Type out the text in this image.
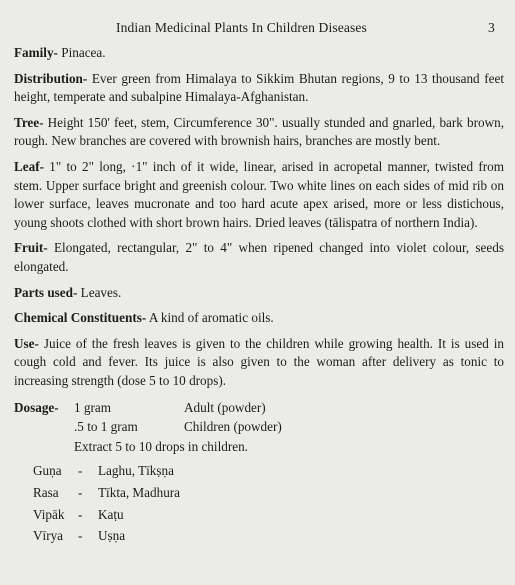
Indian Medicinal Plants In Children Diseases	3

Family- Pinacea.

Distribution- Ever green from Himalaya to Sikkim Bhutan regions, 9 to 13 thousand feet height, temperate and subalpine Himalaya-Afghanistan.

Tree- Height 150' feet, stem, Circumference 30". usually stunded and gnarled, bark brown, rough. New branches are covered with brownish hairs, branches are mostly bent.

Leaf- 1" to 2" long, ·1" inch of it wide, linear, arised in acropetal manner, twisted from stem. Upper surface bright and greenish colour. Two white lines on each sides of mid rib on lower surface, leaves mucronate and too hard acute apex arised, more or less distichous, young shoots clothed with short brown hairs. Dried leaves (tālispatra of northern India).

Fruit- Elongated, rectangular, 2" to 4" when ripened changed into violet colour, seeds elongated.

Parts used- Leaves.

Chemical Constituents- A kind of aromatic oils.

Use- Juice of the fresh leaves is given to the children while growing health. It is used in cough cold and fever. Its juice is also given to the woman after delivery as tonic to increasing strength (dose 5 to 10 drops).

Dosage- 1 gram	Adult (powder)
.5 to 1 gram	Children (powder)
Extract 5 to 10 drops in children.
Guṇa - Laghu, Tīkṣṇa
Rasa - Tīkta, Madhura
Vipāk - Kaṭu
Vīrya - Uṣṇa
